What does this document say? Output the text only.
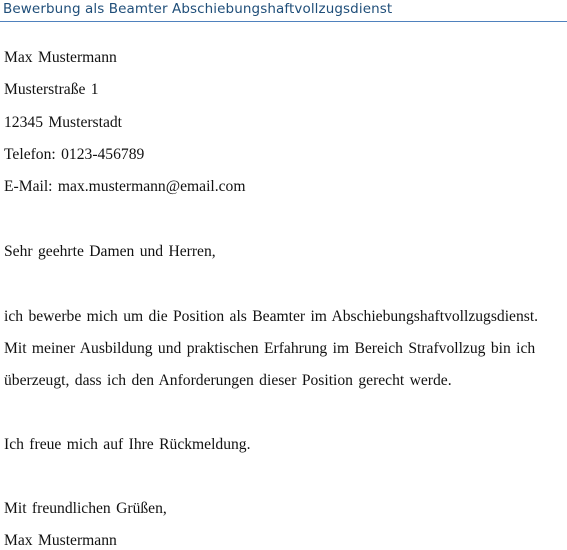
Bewerbung als Beamter Abschiebungshaftvollzugsdienst
Max Mustermann
Musterstraße 1
12345 Musterstadt
Telefon: 0123-456789
E-Mail: max.mustermann@email.com
Sehr geehrte Damen und Herren,
ich bewerbe mich um die Position als Beamter im Abschiebungshaftvollzugsdienst.
Mit meiner Ausbildung und praktischen Erfahrung im Bereich Strafvollzug bin ich
überzeugt, dass ich den Anforderungen dieser Position gerecht werde.
Ich freue mich auf Ihre Rückmeldung.
Mit freundlichen Grüßen,
Max Mustermann
